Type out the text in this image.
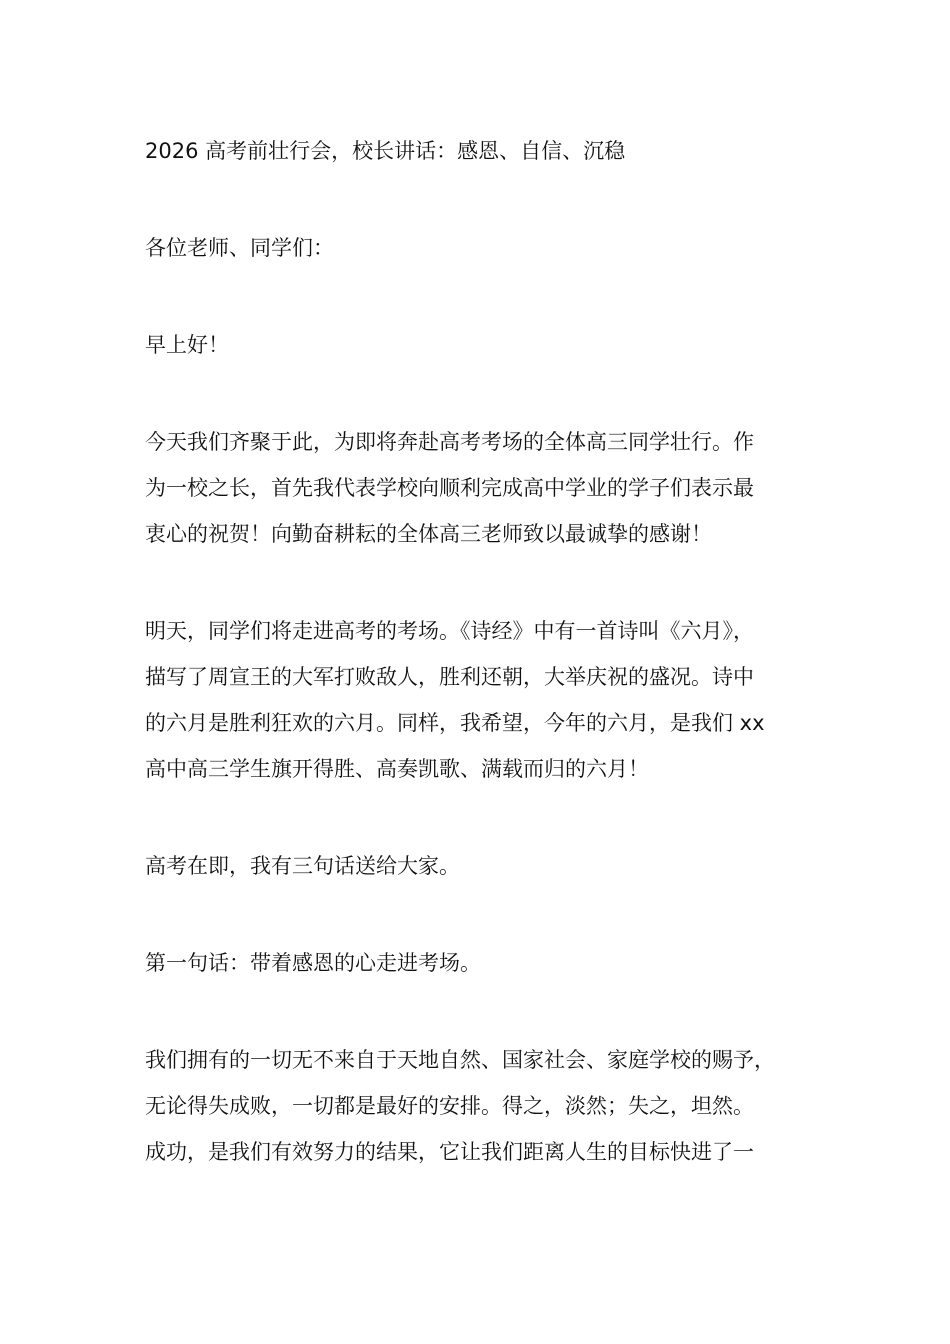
2026 高考前壮行会，校长讲话：感恩、自信、沉稳

各位老师、同学们：

早上好！

今天我们齐聚于此，为即将奔赴高考考场的全体高三同学壮行。作
为一校之长，首先我代表学校向顺利完成高中学业的学子们表示最
衷心的祝贺！向勤奋耕耘的全体高三老师致以最诚挚的感谢！

明天，同学们将走进高考的考场。《诗经》中有一首诗叫《六月》，
描写了周宣王的大军打败敌人，胜利还朝，大举庆祝的盛况。诗中
的六月是胜利狂欢的六月。同样，我希望，今年的六月，是我们 xx
高中高三学生旗开得胜、高奏凯歌、满载而归的六月！

高考在即，我有三句话送给大家。

第一句话：带着感恩的心走进考场。

我们拥有的一切无不来自于天地自然、国家社会、家庭学校的赐予，
无论得失成败，一切都是最好的安排。得之，淡然；失之，坦然。
成功，是我们有效努力的结果，它让我们距离人生的目标快进了一
